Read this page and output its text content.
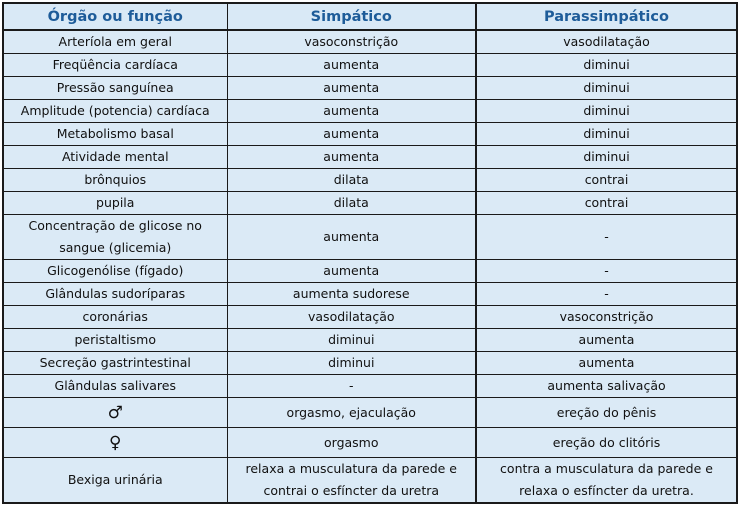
Órgão ou função	Simpático	Parassimpático
Arteríola em geral	vasoconstrição	vasodilatação
Freqüência cardíaca	aumenta	diminui
Pressão sanguínea	aumenta	diminui
Amplitude (potencia) cardíaca	aumenta	diminui
Metabolismo basal	aumenta	diminui
Atividade mental	aumenta	diminui
brônquios	dilata	contrai
pupila	dilata	contrai
Concentração de glicose no sangue (glicemia)	aumenta	-
Glicogenólise (fígado)	aumenta	-
Glândulas sudoríparas	aumenta sudorese	-
coronárias	vasodilatação	vasoconstrição
peristaltismo	diminui	aumenta
Secreção gastrintestinal	diminui	aumenta
Glândulas salivares	-	aumenta salivação
♂	orgasmo, ejaculação	ereção do pênis
♀	orgasmo	ereção do clitóris
Bexiga urinária	relaxa a musculatura da parede e contrai o esfíncter da uretra	contra a musculatura da parede e relaxa o esfíncter da uretra.
